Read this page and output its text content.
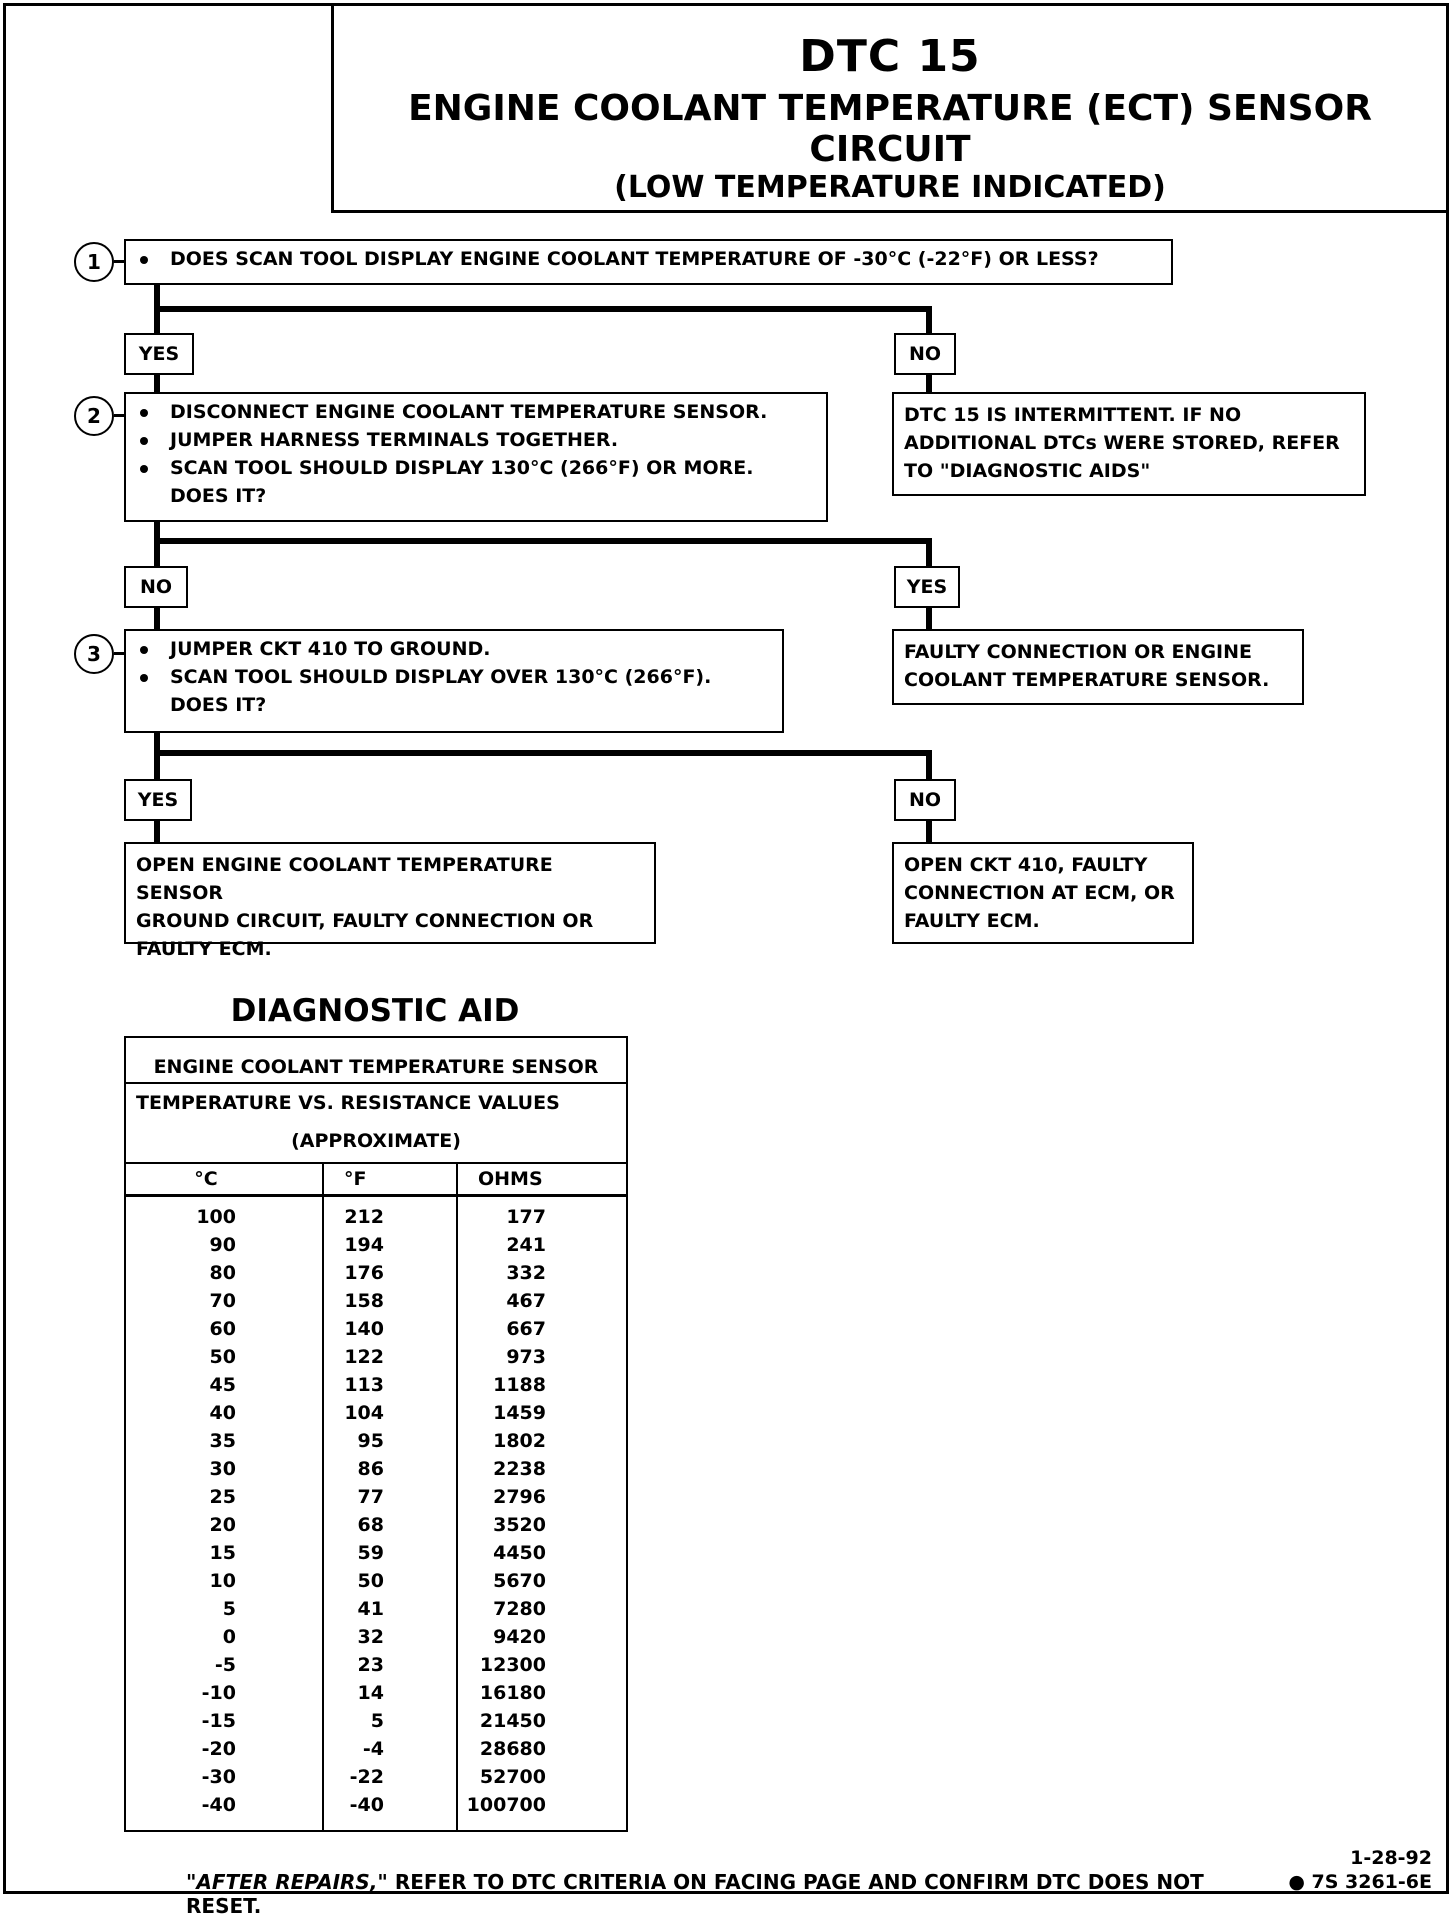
DTC 15
ENGINE COOLANT TEMPERATURE (ECT) SENSOR CIRCUIT
(LOW TEMPERATURE INDICATED)
1	DOES SCAN TOOL DISPLAY ENGINE COOLANT TEMPERATURE OF -30°C (-22°F) OR LESS?
YES	NO
2	DISCONNECT ENGINE COOLANT TEMPERATURE SENSOR.
JUMPER HARNESS TERMINALS TOGETHER.
SCAN TOOL SHOULD DISPLAY 130°C (266°F) OR MORE.
DOES IT?
DTC 15 IS INTERMITTENT. IF NO
ADDITIONAL DTCs WERE STORED, REFER
TO "DIAGNOSTIC AIDS"
NO	YES
3	JUMPER CKT 410 TO GROUND.
SCAN TOOL SHOULD DISPLAY OVER 130°C (266°F).
DOES IT?
FAULTY CONNECTION OR ENGINE
COOLANT TEMPERATURE SENSOR.
YES	NO
OPEN ENGINE COOLANT TEMPERATURE SENSOR
GROUND CIRCUIT, FAULTY CONNECTION OR
FAULTY ECM.
OPEN CKT 410, FAULTY
CONNECTION AT ECM, OR
FAULTY ECM.
DIAGNOSTIC AID
ENGINE COOLANT TEMPERATURE SENSOR
TEMPERATURE VS. RESISTANCE VALUES
(APPROXIMATE)
°C	°F	OHMS
100	212	177
90	194	241
80	176	332
70	158	467
60	140	667
50	122	973
45	113	1188
40	104	1459
35	95	1802
30	86	2238
25	77	2796
20	68	3520
15	59	4450
10	50	5670
5	41	7280
0	32	9420
-5	23	12300
-10	14	16180
-15	5	21450
-20	-4	28680
-30	-22	52700
-40	-40	100700
"AFTER REPAIRS," REFER TO DTC CRITERIA ON FACING PAGE AND CONFIRM DTC DOES NOT RESET.
1-28-92
● 7S 3261-6E
